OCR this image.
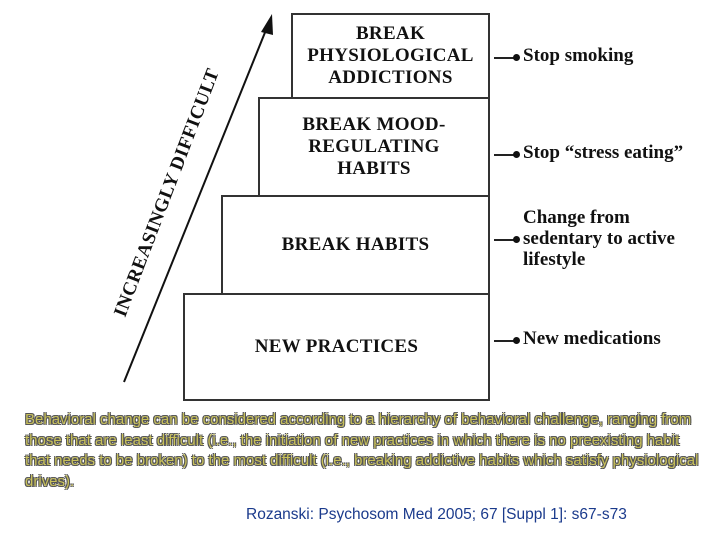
NEW PRACTICES
BREAK HABITS
BREAK MOOD-
REGULATING
HABITS
BREAK
PHYSIOLOGICAL
ADDICTIONS
Stop smoking
Stop “stress eating”
Change from
sedentary to active
lifestyle
New medications
INCREASINGLY DIFFICULT

Behavioral change can be considered according to a hierarchy of behavioral challenge, ranging from those that are least difficult (i.e., the initiation of new practices in which there is no preexisting habit that needs to be broken) to the most difficult (i.e., breaking addictive habits which satisfy physiological drives).

Rozanski: Psychosom Med 2005; 67 [Suppl 1]: s67-s73
